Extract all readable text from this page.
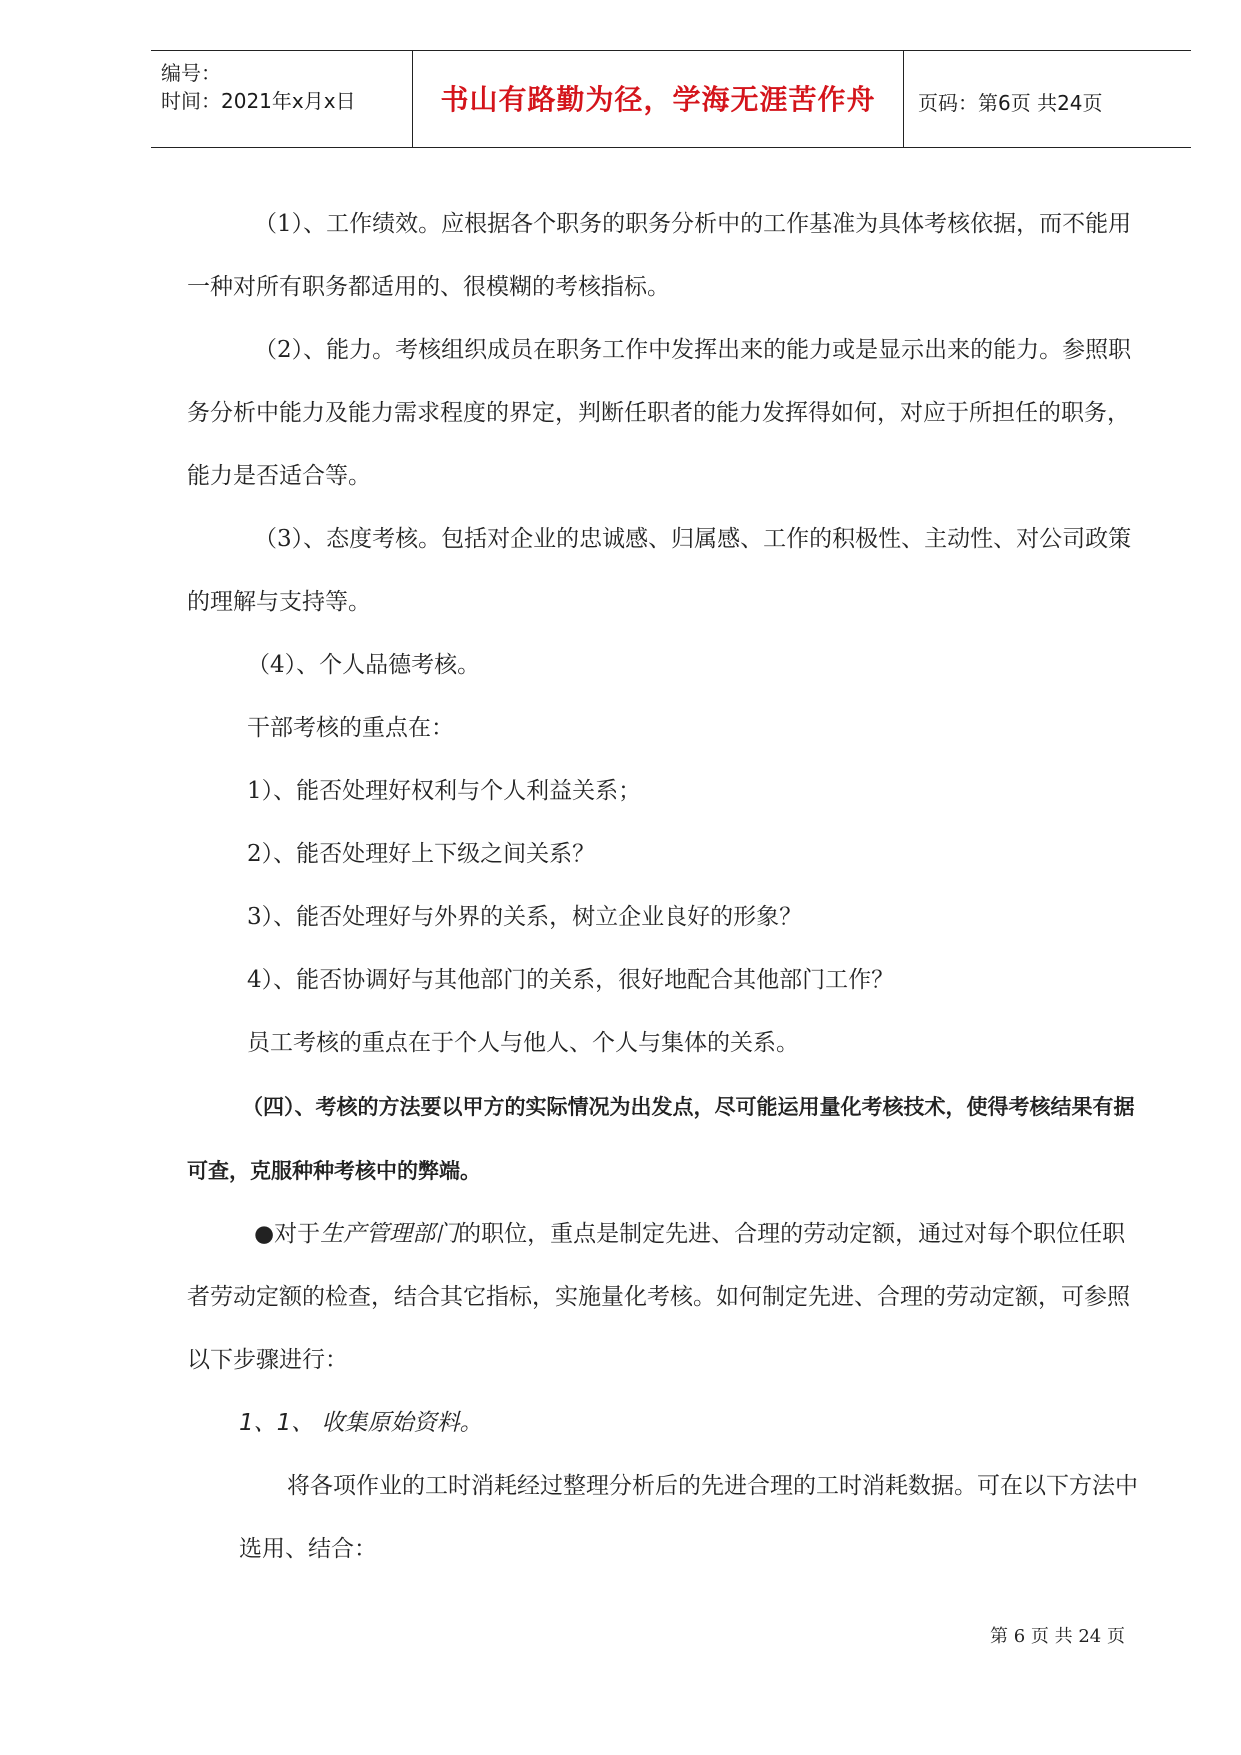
编号：
时间：2021年x月x日	书山有路勤为径，学海无涯苦作舟	页码：第6页 共24页

（1）、工作绩效。应根据各个职务的职务分析中的工作基准为具体考核依据，而不能用一种对所有职务都适用的、很模糊的考核指标。

（2）、能力。考核组织成员在职务工作中发挥出来的能力或是显示出来的能力。参照职务分析中能力及能力需求程度的界定，判断任职者的能力发挥得如何，对应于所担任的职务，能力是否适合等。

（3）、态度考核。包括对企业的忠诚感、归属感、工作的积极性、主动性、对公司政策的理解与支持等。

（4）、个人品德考核。

干部考核的重点在：

1）、能否处理好权利与个人利益关系；

2）、能否处理好上下级之间关系？

3）、能否处理好与外界的关系，树立企业良好的形象？

4）、能否协调好与其他部门的关系，很好地配合其他部门工作？

员工考核的重点在于个人与他人、个人与集体的关系。

（四）、考核的方法要以甲方的实际情况为出发点，尽可能运用量化考核技术，使得考核结果有据可查，克服种种考核中的弊端。

●对于生产管理部门的职位，重点是制定先进、合理的劳动定额，通过对每个职位任职者劳动定额的检查，结合其它指标，实施量化考核。如何制定先进、合理的劳动定额，可参照以下步骤进行：

1、1、 收集原始资料。

将各项作业的工时消耗经过整理分析后的先进合理的工时消耗数据。可在以下方法中选用、结合：

第 6 页 共 24 页
